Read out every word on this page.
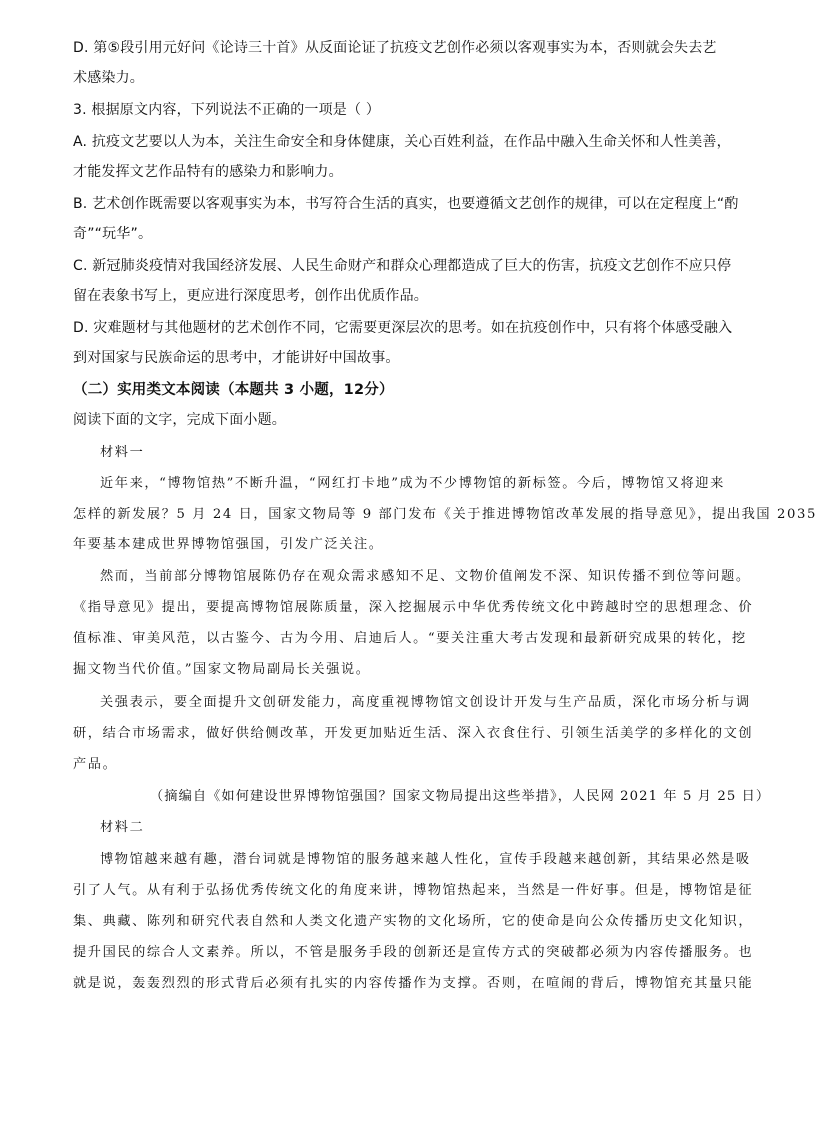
D. 第⑤段引用元好问《论诗三十首》从反面论证了抗疫文艺创作必须以客观事实为本，否则就会失去艺
术感染力。
3. 根据原文内容，下列说法不正确的一项是（ ）
A. 抗疫文艺要以人为本，关注生命安全和身体健康，关心百姓利益，在作品中融入生命关怀和人性美善，
才能发挥文艺作品特有的感染力和影响力。
B. 艺术创作既需要以客观事实为本，书写符合生活的真实，也要遵循文艺创作的规律，可以在定程度上“酌
奇”“玩华”。
C. 新冠肺炎疫情对我国经济发展、人民生命财产和群众心理都造成了巨大的伤害，抗疫文艺创作不应只停
留在表象书写上，更应进行深度思考，创作出优质作品。
D. 灾难题材与其他题材的艺术创作不同，它需要更深层次的思考。如在抗疫创作中，只有将个体感受融入
到对国家与民族命运的思考中，才能讲好中国故事。
（二）实用类文本阅读（本题共 3 小题，12分）
阅读下面的文字，完成下面小题。
材料一
近年来，“博物馆热”不断升温，“网红打卡地”成为不少博物馆的新标签。今后，博物馆又将迎来
怎样的新发展？5 月 24 日，国家文物局等 9 部门发布《关于推进博物馆改革发展的指导意见》，提出我国 2035
年要基本建成世界博物馆强国，引发广泛关注。
然而，当前部分博物馆展陈仍存在观众需求感知不足、文物价值阐发不深、知识传播不到位等问题。
《指导意见》提出，要提高博物馆展陈质量，深入挖掘展示中华优秀传统文化中跨越时空的思想理念、价
值标准、审美风范，以古鉴今、古为今用、启迪后人。“要关注重大考古发现和最新研究成果的转化，挖
掘文物当代价值。”国家文物局副局长关强说。
关强表示，要全面提升文创研发能力，高度重视博物馆文创设计开发与生产品质，深化市场分析与调
研，结合市场需求，做好供给侧改革，开发更加贴近生活、深入衣食住行、引领生活美学的多样化的文创
产品。
（摘编自《如何建设世界博物馆强国？国家文物局提出这些举措》，人民网 2021 年 5 月 25 日）
材料二
博物馆越来越有趣，潜台词就是博物馆的服务越来越人性化，宣传手段越来越创新，其结果必然是吸
引了人气。从有利于弘扬优秀传统文化的角度来讲，博物馆热起来，当然是一件好事。但是，博物馆是征
集、典藏、陈列和研究代表自然和人类文化遗产实物的文化场所，它的使命是向公众传播历史文化知识，
提升国民的综合人文素养。所以，不管是服务手段的创新还是宣传方式的突破都必须为内容传播服务。也
就是说，轰轰烈烈的形式背后必须有扎实的内容传播作为支撑。否则，在喧闹的背后，博物馆充其量只能
